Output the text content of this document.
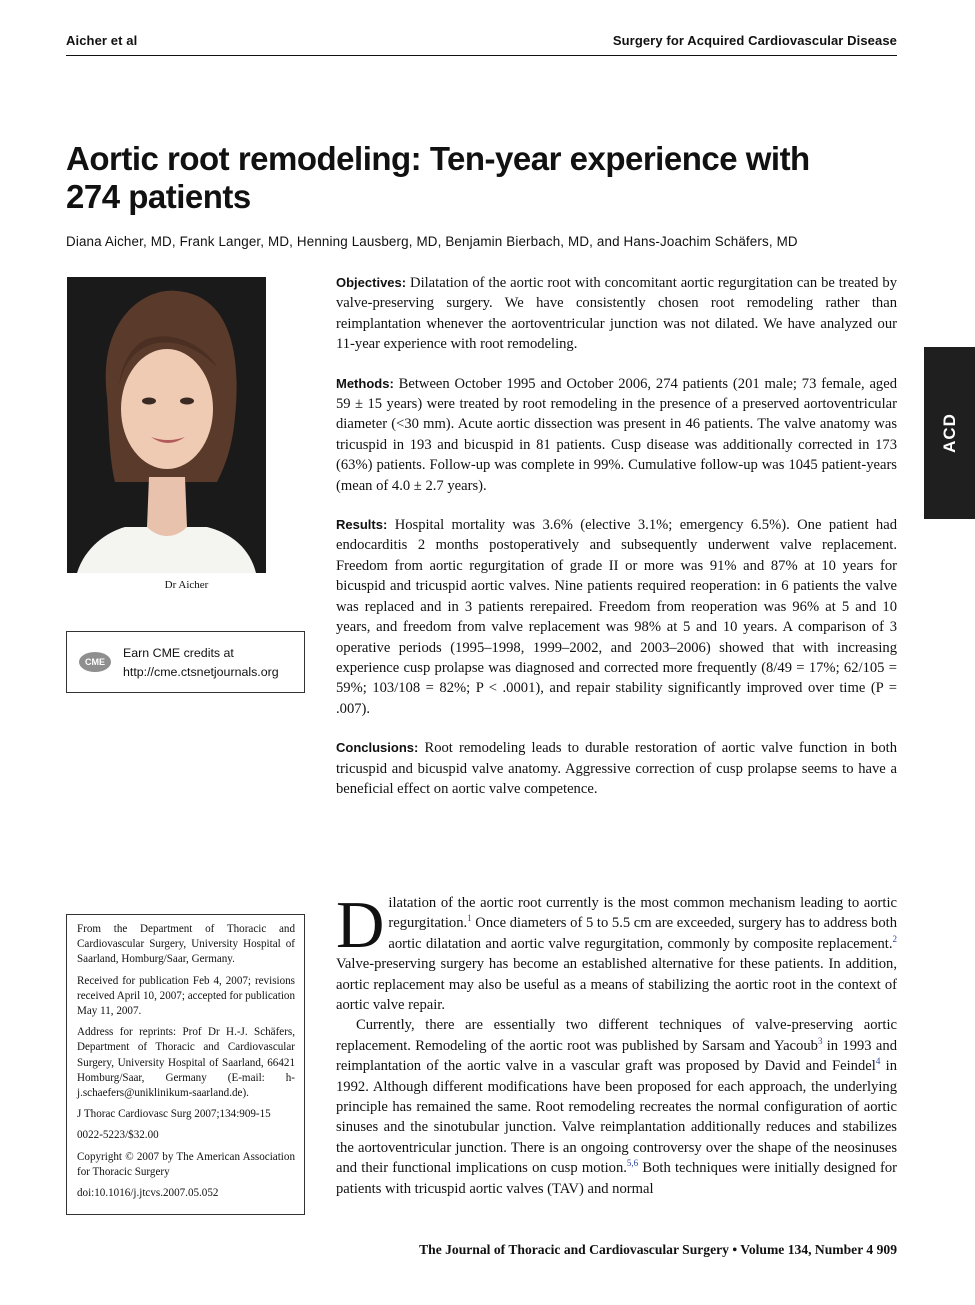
Aicher et al	Surgery for Acquired Cardiovascular Disease
Aortic root remodeling: Ten-year experience with 274 patients
Diana Aicher, MD, Frank Langer, MD, Henning Lausberg, MD, Benjamin Bierbach, MD, and Hans-Joachim Schäfers, MD
ACD
Dr Aicher
CME
Earn CME credits at
http://cme.ctsnetjournals.org

Objectives: Dilatation of the aortic root with concomitant aortic regurgitation can be treated by valve-preserving surgery. We have consistently chosen root remodeling rather than reimplantation whenever the aortoventricular junction was not dilated. We have analyzed our 11-year experience with root remodeling.

Methods: Between October 1995 and October 2006, 274 patients (201 male; 73 female, aged 59 ± 15 years) were treated by root remodeling in the presence of a preserved aortoventricular diameter (<30 mm). Acute aortic dissection was present in 46 patients. The valve anatomy was tricuspid in 193 and bicuspid in 81 patients. Cusp disease was additionally corrected in 173 (63%) patients. Follow-up was complete in 99%. Cumulative follow-up was 1045 patient-years (mean of 4.0 ± 2.7 years).

Results: Hospital mortality was 3.6% (elective 3.1%; emergency 6.5%). One patient had endocarditis 2 months postoperatively and subsequently underwent valve replacement. Freedom from aortic regurgitation of grade II or more was 91% and 87% at 10 years for bicuspid and tricuspid aortic valves. Nine patients required reoperation: in 6 patients the valve was replaced and in 3 patients rerepaired. Freedom from reoperation was 96% at 5 and 10 years, and freedom from valve replacement was 98% at 5 and 10 years. A comparison of 3 operative periods (1995–1998, 1999–2002, and 2003–2006) showed that with increasing experience cusp prolapse was diagnosed and corrected more frequently (8/49 = 17%; 62/105 = 59%; 103/108 = 82%; P < .0001), and repair stability significantly improved over time (P = .007).

Conclusions: Root remodeling leads to durable restoration of aortic valve function in both tricuspid and bicuspid valve anatomy. Aggressive correction of cusp prolapse seems to have a beneficial effect on aortic valve competence.

Dilatation of the aortic root currently is the most common mechanism leading to aortic regurgitation.$^1$ Once diameters of 5 to 5.5 cm are exceeded, surgery has to address both aortic dilatation and aortic valve regurgitation, commonly by composite replacement.$^2$ Valve-preserving surgery has become an established alternative for these patients. In addition, aortic replacement may also be useful as a means of stabilizing the aortic root in the context of aortic valve repair.

Currently, there are essentially two different techniques of valve-preserving aortic replacement. Remodeling of the aortic root was published by Sarsam and Yacoub$^3$ in 1993 and reimplantation of the aortic valve in a vascular graft was proposed by David and Feindel$^4$ in 1992. Although different modifications have been proposed for each approach, the underlying principle has remained the same. Root remodeling recreates the normal configuration of aortic sinuses and the sinotubular junction. Valve reimplantation additionally reduces and stabilizes the aortoventricular junction. There is an ongoing controversy over the shape of the neosinuses and their functional implications on cusp motion.$^{5,6}$ Both techniques were initially designed for patients with tricuspid aortic valves (TAV) and normal

From the Department of Thoracic and Cardiovascular Surgery, University Hospital of Saarland, Homburg/Saar, Germany.

Received for publication Feb 4, 2007; revisions received April 10, 2007; accepted for publication May 11, 2007.

Address for reprints: Prof Dr H.-J. Schäfers, Department of Thoracic and Cardiovascular Surgery, University Hospital of Saarland, 66421 Homburg/Saar, Germany (E-mail: h-j.schaefers@uniklinikum-saarland.de).

J Thorac Cardiovasc Surg 2007;134:909-15

0022-5223/$32.00

Copyright © 2007 by The American Association for Thoracic Surgery

doi:10.1016/j.jtcvs.2007.05.052

The Journal of Thoracic and Cardiovascular Surgery • Volume 134, Number 4 909
